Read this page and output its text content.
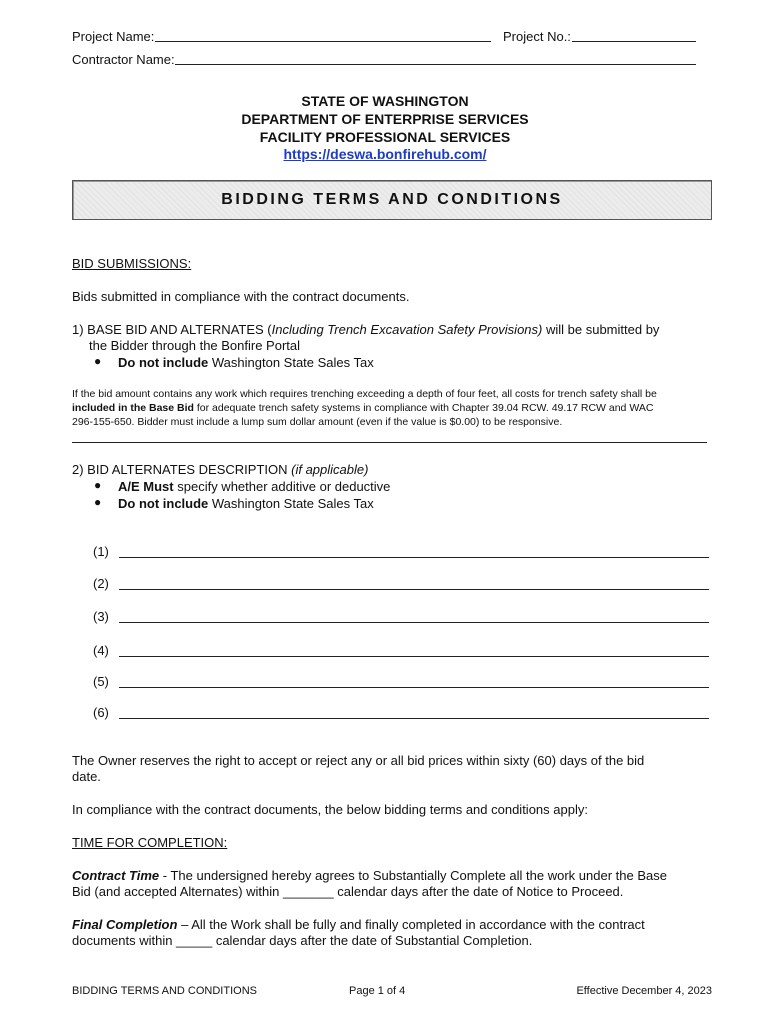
Project Name:	Project No.:
Contractor Name:
STATE OF WASHINGTON
DEPARTMENT OF ENTERPRISE SERVICES
FACILITY PROFESSIONAL SERVICES
https://deswa.bonfirehub.com/
BIDDING TERMS AND CONDITIONS
BID SUBMISSIONS:
Bids submitted in compliance with the contract documents.
1) BASE BID AND ALTERNATES (Including Trench Excavation Safety Provisions) will be submitted by
the Bidder through the Bonfire Portal
● Do not include Washington State Sales Tax
If the bid amount contains any work which requires trenching exceeding a depth of four feet, all costs for trench safety shall be
included in the Base Bid for adequate trench safety systems in compliance with Chapter 39.04 RCW. 49.17 RCW and WAC
296-155-650. Bidder must include a lump sum dollar amount (even if the value is $0.00) to be responsive.
2) BID ALTERNATES DESCRIPTION (if applicable)
● A/E Must specify whether additive or deductive
● Do not include Washington State Sales Tax
(1)
(2)
(3)
(4)
(5)
(6)
The Owner reserves the right to accept or reject any or all bid prices within sixty (60) days of the bid
date.
In compliance with the contract documents, the below bidding terms and conditions apply:
TIME FOR COMPLETION:
Contract Time - The undersigned hereby agrees to Substantially Complete all the work under the Base
Bid (and accepted Alternates) within _______ calendar days after the date of Notice to Proceed.
Final Completion – All the Work shall be fully and finally completed in accordance with the contract
documents within _____ calendar days after the date of Substantial Completion.
BIDDING TERMS AND CONDITIONS	Page 1 of 4	Effective December 4, 2023
